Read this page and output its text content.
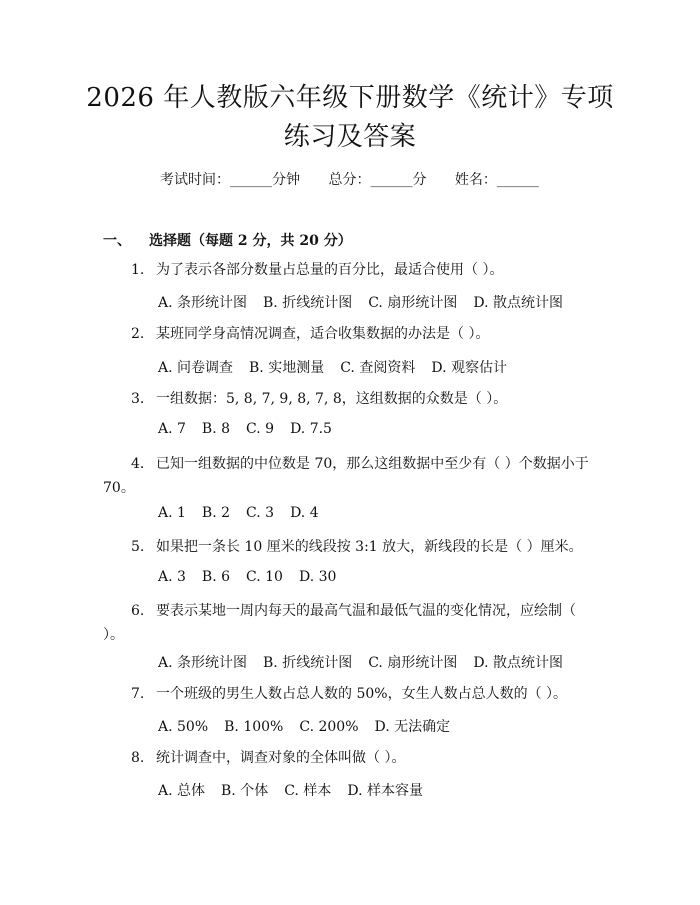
2026 年人教版六年级下册数学《统计》专项
练习及答案
考试时间：______分钟 总分：______分 姓名：______
一、 选择题（每题 2 分，共 20 分）
1. 为了表示各部分数量占总量的百分比，最适合使用（ ）。
A. 条形统计图 B. 折线统计图 C. 扇形统计图 D. 散点统计图
2. 某班同学身高情况调查，适合收集数据的办法是（ ）。
A. 问卷调查 B. 实地测量 C. 查阅资料 D. 观察估计
3. 一组数据：5, 8, 7, 9, 8, 7, 8，这组数据的众数是（ ）。
A. 7 B. 8 C. 9 D. 7.5
4. 已知一组数据的中位数是 70，那么这组数据中至少有（ ）个数据小于 70。
A. 1 B. 2 C. 3 D. 4
5. 如果把一条长 10 厘米的线段按 3:1 放大，新线段的长是（ ）厘米。
A. 3 B. 6 C. 10 D. 30
6. 要表示某地一周内每天的最高气温和最低气温的变化情况，应绘制（ ）。
A. 条形统计图 B. 折线统计图 C. 扇形统计图 D. 散点统计图
7. 一个班级的男生人数占总人数的 50%，女生人数占总人数的（ ）。
A. 50% B. 100% C. 200% D. 无法确定
8. 统计调查中，调查对象的全体叫做（ ）。
A. 总体 B. 个体 C. 样本 D. 样本容量
